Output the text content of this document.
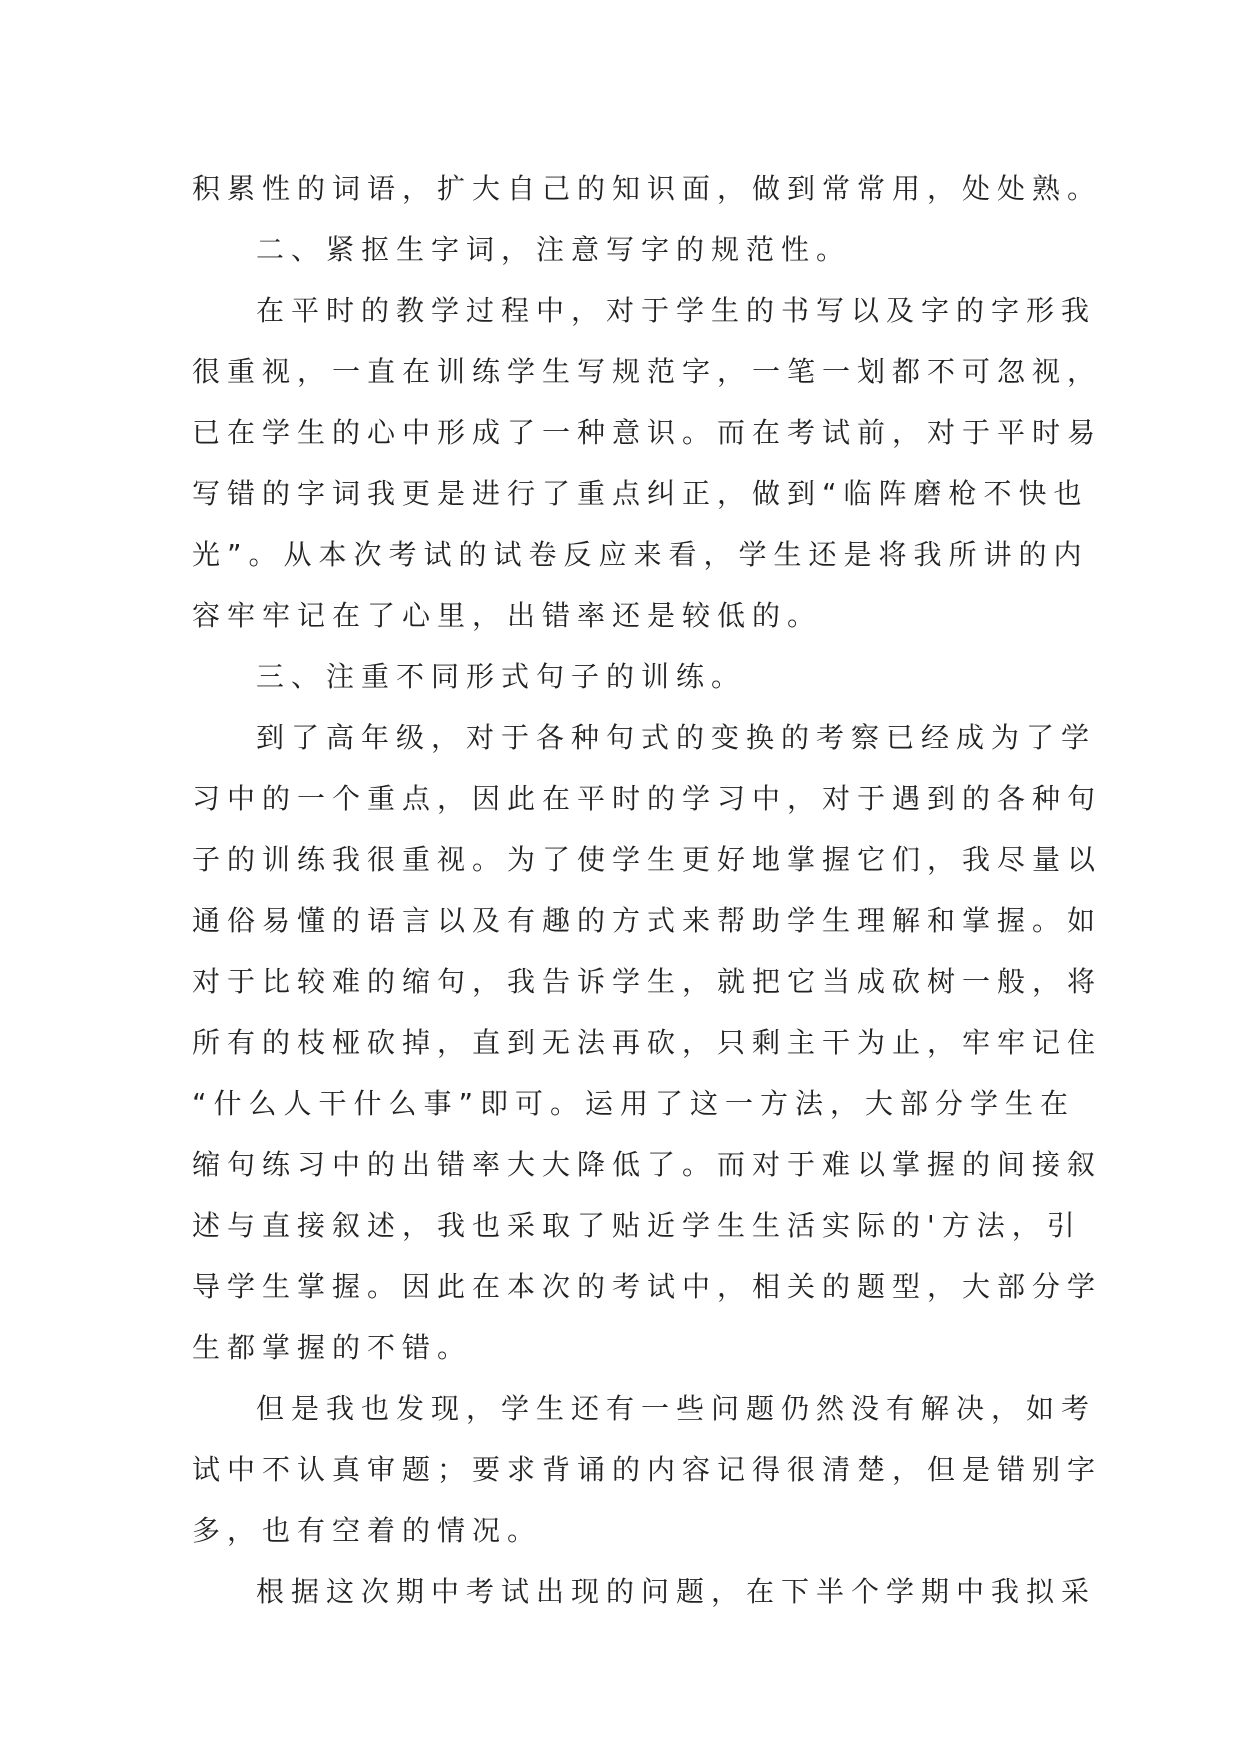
积累性的词语，扩大自己的知识面，做到常常用，处处熟。
二、紧抠生字词，注意写字的规范性。
在平时的教学过程中，对于学生的书写以及字的字形我
很重视，一直在训练学生写规范字，一笔一划都不可忽视，
已在学生的心中形成了一种意识。而在考试前，对于平时易
写错的字词我更是进行了重点纠正，做到“临阵磨枪不快也
光”。从本次考试的试卷反应来看，学生还是将我所讲的内
容牢牢记在了心里，出错率还是较低的。
三、注重不同形式句子的训练。
到了高年级，对于各种句式的变换的考察已经成为了学
习中的一个重点，因此在平时的学习中，对于遇到的各种句
子的训练我很重视。为了使学生更好地掌握它们，我尽量以
通俗易懂的语言以及有趣的方式来帮助学生理解和掌握。如
对于比较难的缩句，我告诉学生，就把它当成砍树一般，将
所有的枝桠砍掉，直到无法再砍，只剩主干为止，牢牢记住
“什么人干什么事”即可。运用了这一方法，大部分学生在
缩句练习中的出错率大大降低了。而对于难以掌握的间接叙
述与直接叙述，我也采取了贴近学生生活实际的'方法，引
导学生掌握。因此在本次的考试中，相关的题型，大部分学
生都掌握的不错。
但是我也发现，学生还有一些问题仍然没有解决，如考
试中不认真审题；要求背诵的内容记得很清楚，但是错别字
多，也有空着的情况。
根据这次期中考试出现的问题，在下半个学期中我拟采
